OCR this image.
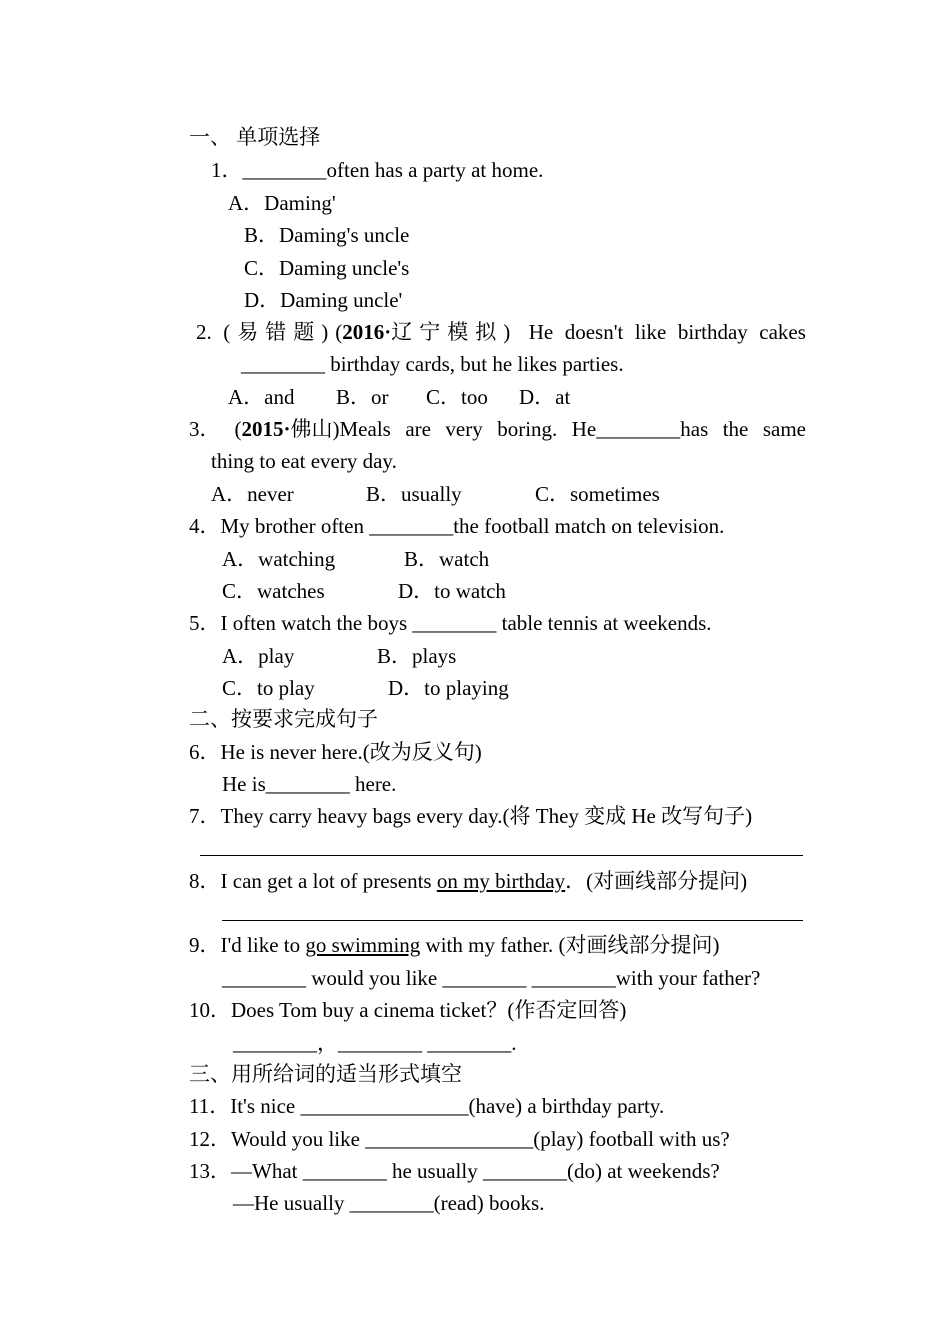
一、 单项选择
1．________often has a party at home.
A．Daming'
B．Daming's uncle
C．Daming uncle's
D．Daming uncle'
2. (易错题)(2016·辽宁模拟) He doesn't like birthday cakes
________ birthday cards, but he likes parties.
A．and B．or C．too D．at
3． (2015·佛山)Meals are very boring. He________has the same
thing to eat every day.
A．never	B．usually	C．sometimes
4．My brother often ________the football match on television.
A．watching	B．watch
C．watches	D．to watch
5．I often watch the boys ________ table tennis at weekends.
A．play	B．plays
C．to play	D．to playing
二、按要求完成句子
6．He is never here.(改为反义句)
He is________ here.
7．They carry heavy bags every day.(将 They 变成 He 改写句子)
8．I can get a lot of presents on my birthday．(对画线部分提问)
9．I'd like to go swimming with my father. (对画线部分提问)
________ would you like ________ ________with your father?
10．Does Tom buy a cinema ticket？(作否定回答)
________，________ ________.
三、用所给词的适当形式填空
11．It's nice ________________(have) a birthday party.
12．Would you like ________________(play) football with us?
13．—What ________ he usually ________(do) at weekends?
—He usually ________(read) books.
